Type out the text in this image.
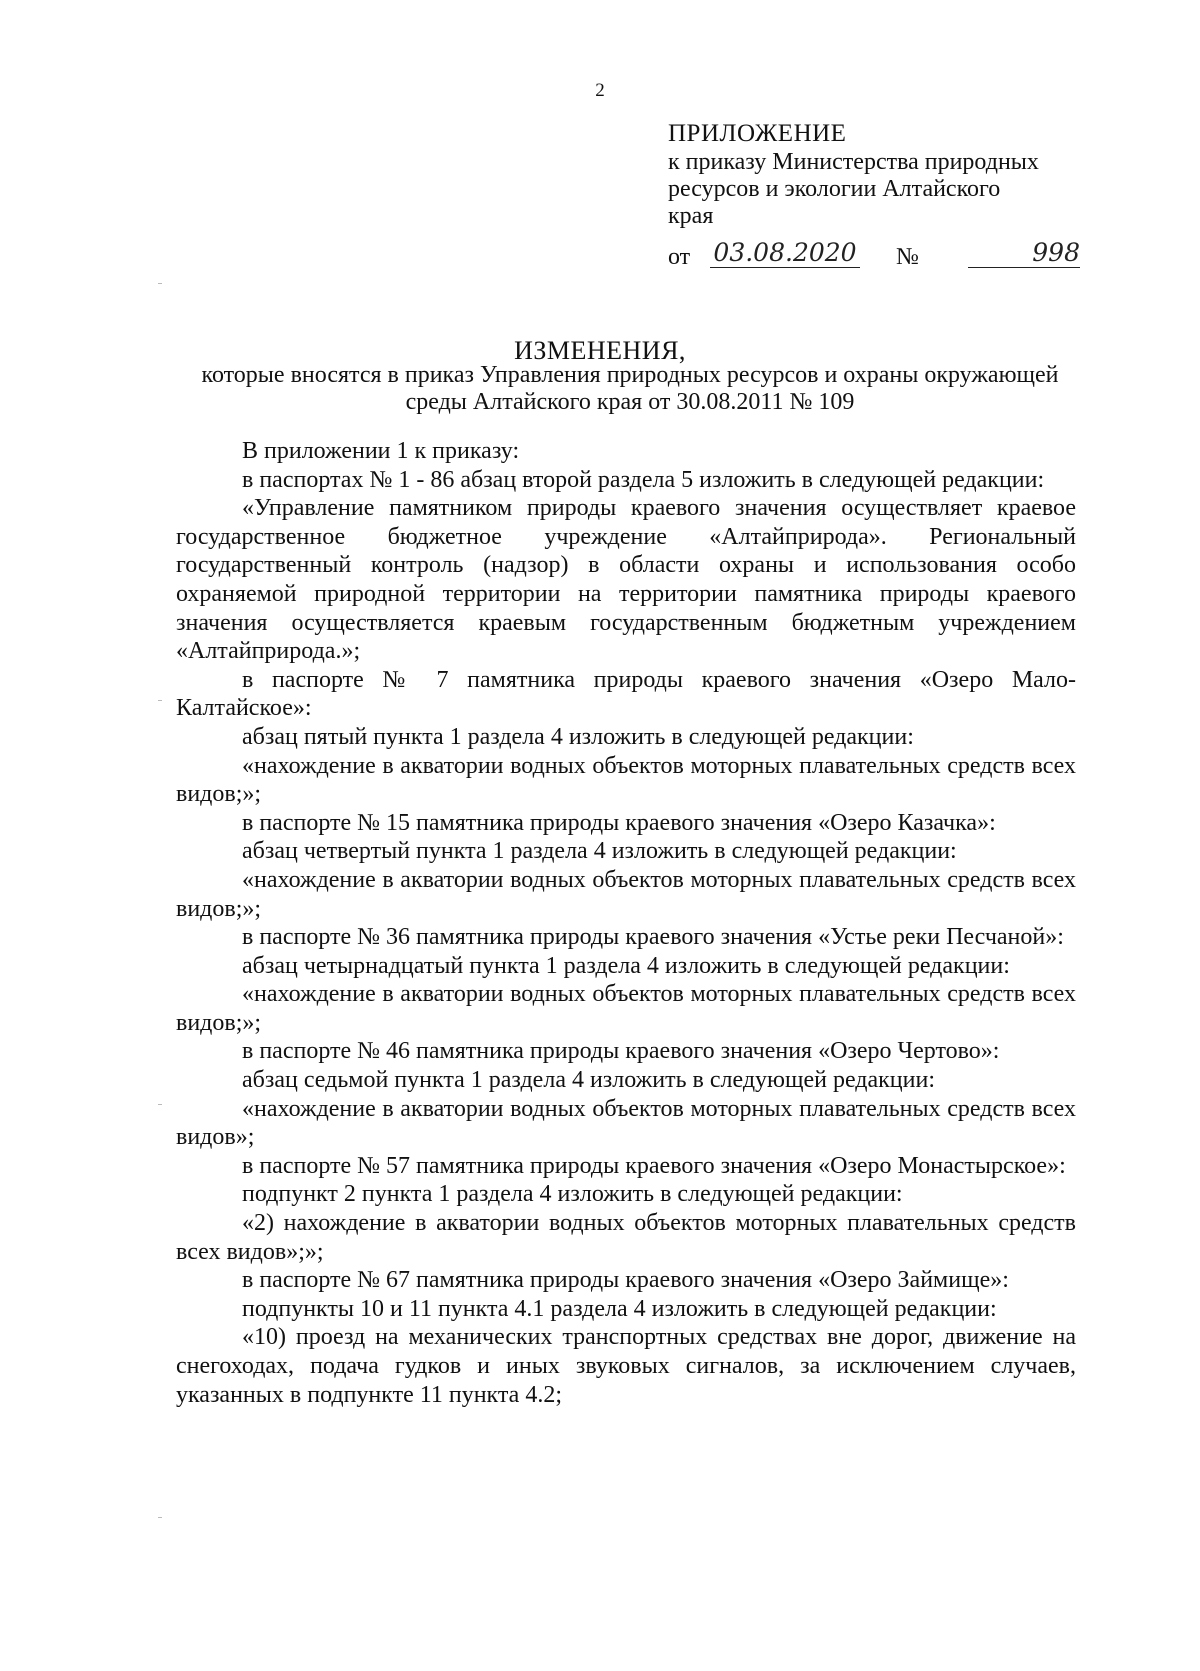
2
ПРИЛОЖЕНИЕ
к приказу Министерства природных
ресурсов и экологии Алтайского
края
от 03.08.2020 №	998
ИЗМЕНЕНИЯ,
которые вносятся в приказ Управления природных ресурсов и охраны окружающей среды Алтайского края от 30.08.2011 № 109

В приложении 1 к приказу:

в паспортах № 1 - 86 абзац второй раздела 5 изложить в следующей редакции:

«Управление памятником природы краевого значения осуществляет краевое государственное бюджетное учреждение «Алтайприрода». Региональный государственный контроль (надзор) в области охраны и использования особо охраняемой природной территории на территории памятника природы краевого значения осуществляется краевым государственным бюджетным учреждением «Алтайприрода.»;

в паспорте № 7 памятника природы краевого значения «Озеро Мало-Калтайское»:

абзац пятый пункта 1 раздела 4 изложить в следующей редакции:

«нахождение в акватории водных объектов моторных плавательных средств всех видов;»;

в паспорте № 15 памятника природы краевого значения «Озеро Казачка»:

абзац четвертый пункта 1 раздела 4 изложить в следующей редакции:

«нахождение в акватории водных объектов моторных плавательных средств всех видов;»;

в паспорте № 36 памятника природы краевого значения «Устье реки Песчаной»:

абзац четырнадцатый пункта 1 раздела 4 изложить в следующей редакции:

«нахождение в акватории водных объектов моторных плавательных средств всех видов;»;

в паспорте № 46 памятника природы краевого значения «Озеро Чертово»:

абзац седьмой пункта 1 раздела 4 изложить в следующей редакции:

«нахождение в акватории водных объектов моторных плавательных средств всех видов»;

в паспорте № 57 памятника природы краевого значения «Озеро Монастырское»:

подпункт 2 пункта 1 раздела 4 изложить в следующей редакции:

«2) нахождение в акватории водных объектов моторных плавательных средств всех видов»;»;

в паспорте № 67 памятника природы краевого значения «Озеро Займище»:

подпункты 10 и 11 пункта 4.1 раздела 4 изложить в следующей редакции:

«10) проезд на механических транспортных средствах вне дорог, движение на снегоходах, подача гудков и иных звуковых сигналов, за исключением случаев, указанных в подпункте 11 пункта 4.2;
